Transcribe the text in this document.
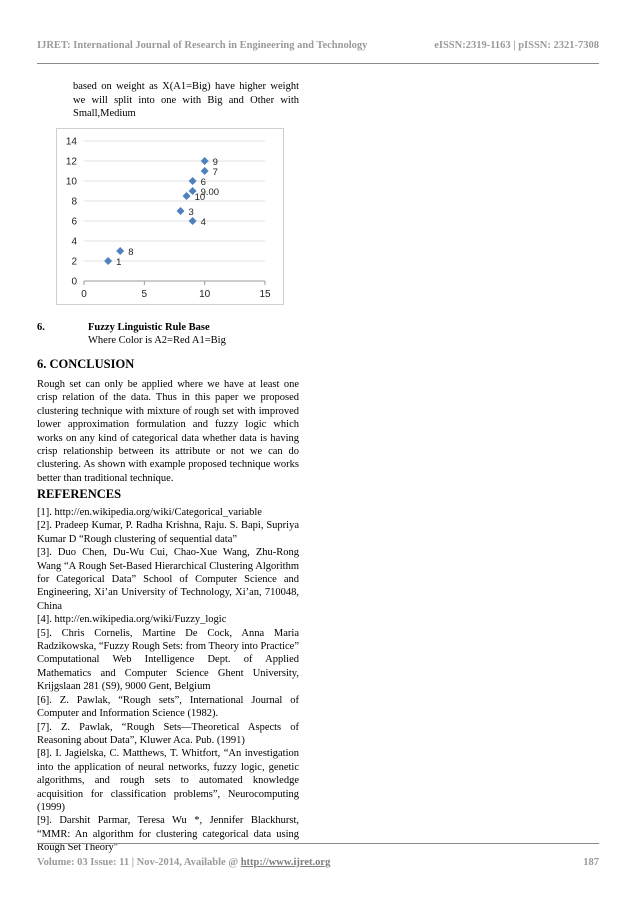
IJRET: International Journal of Research in Engineering and Technology	eISSN:2319-1163 | pISSN: 2321-7308
based on weight as X(A1=Big) have higher weight we will split into one with Big and Other with Small,Medium
0
2
4
6
8
10
12
14
0	5	10	15
1
8
3
4
10
9.00
6
7
9
6.	Fuzzy Linguistic Rule Base
Where Color is A2=Red A1=Big
6. CONCLUSION
Rough set can only be applied where we have at least one crisp relation of the data. Thus in this paper we proposed clustering technique with mixture of rough set with improved lower approximation formulation and fuzzy logic which works on any kind of categorical data whether data is having crisp relationship between its attribute or not we can do clustering. As shown with example proposed technique works better than traditional technique.
REFERENCES

[1]. http://en.wikipedia.org/wiki/Categorical_variable

[2]. Pradeep Kumar, P. Radha Krishna, Raju. S. Bapi, Supriya Kumar D “Rough clustering of sequential data”

[3]. Duo Chen, Du-Wu Cui, Chao-Xue Wang, Zhu-Rong Wang “A Rough Set-Based Hierarchical Clustering Algorithm for Categorical Data” School of Computer Science and Engineering, Xi’an University of Technology, Xi’an, 710048, China

[4]. http://en.wikipedia.org/wiki/Fuzzy_logic

[5]. Chris Cornelis, Martine De Cock, Anna Maria Radzikowska, “Fuzzy Rough Sets: from Theory into Practice” Computational Web Intelligence Dept. of Applied Mathematics and Computer Science Ghent University, Krijgslaan 281 (S9), 9000 Gent, Belgium

[6]. Z. Pawlak, “Rough sets”, International Journal of Computer and Information Science (1982).

[7]. Z. Pawlak, “Rough Sets—Theoretical Aspects of Reasoning about Data”, Kluwer Aca. Pub. (1991)

[8]. I. Jagielska, C. Matthews, T. Whitfort, “An investigation into the application of neural networks, fuzzy logic, genetic algorithms, and rough sets to automated knowledge acquisition for classification problems”, Neurocomputing (1999)

[9]. Darshit Parmar, Teresa Wu *, Jennifer Blackhurst, “MMR: An algorithm for clustering categorical data using Rough Set Theory"

Volume: 03 Issue: 11 | Nov-2014, Available @ http://www.ijret.org	187
